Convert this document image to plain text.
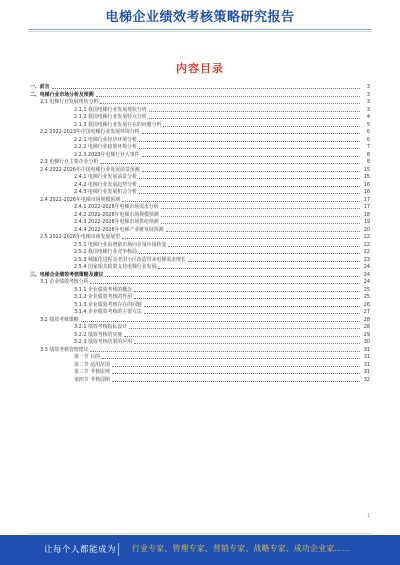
电梯企业绩效考核策略研究报告
内容目录
一、前言	3
二、电梯行业市场分析及预测	3
2.1 电梯行业发展现状分析	3
2.1.1 我国电梯行业发展现状分析	3
2.1.2 我国电梯行业发展特点分析	4
2.1.3 我国电梯行业发展存在的问题分析	5
2.2 2022-2023年中国电梯行业发展环境分析	6
2.2.1 电梯行业经济环境分析	6
2.2.2 电梯行业政策环境分析	7
2.2.3 2023年电梯行业大事件	8
2.3 电梯行业主要企业分析	8
2.4 2022-2026年中国电梯行业发展前景预测	15
2.4.1 电梯行业发展前景分析	15
2.4.2 电梯行业发展趋势分析	16
2.4.3 电梯行业发展机会分析	16
2.4 2022-2026年电梯市场规模预测	17
2.4.1 2022-2026年电梯市场需求分析	17
2.4.2 2022-2026年电梯市场规模预测	18
2.4.3 2022-2026年电梯市场供给预测	19
2.4.4 2022-2026年电梯产业链发展预测	20
2.5 2022-2026年电梯市场发展展望	22
2.5.1 电梯行业由增量市场向存量市场转变	22
2.5.2 我国电梯行业竞争格局	22
2.5.3 城镇化进程及老旧小区改造带来电梯需求增长	23
2.5.4 国家相关政策支持电梯行业发展	24
三、电梯企业绩效考核策略及建议	24
3.1 企业绩效考核分析	24
3.1.1 企业绩效考核的概念	25
3.1.2 企业绩效考核的作用	25
3.1.3 企业绩效考核存在的问题	26
3.1.4 企业绩效考核的主要方法	27
3.2 绩效考核策略	28
3.2.1 绩效考核指标设计	28
3.2.2 绩效考核的实施	29
3.2.3 绩效考核结果的应用	30
3.3 绩效考核管理建议	31
第一节 目的	31
第二节 适用范围	31
第三节 考核原则	31
第四节 考核周期	32
1
让每个人都能成为 行业专家、管理专家、营销专家、战略专家、成功企业家……
